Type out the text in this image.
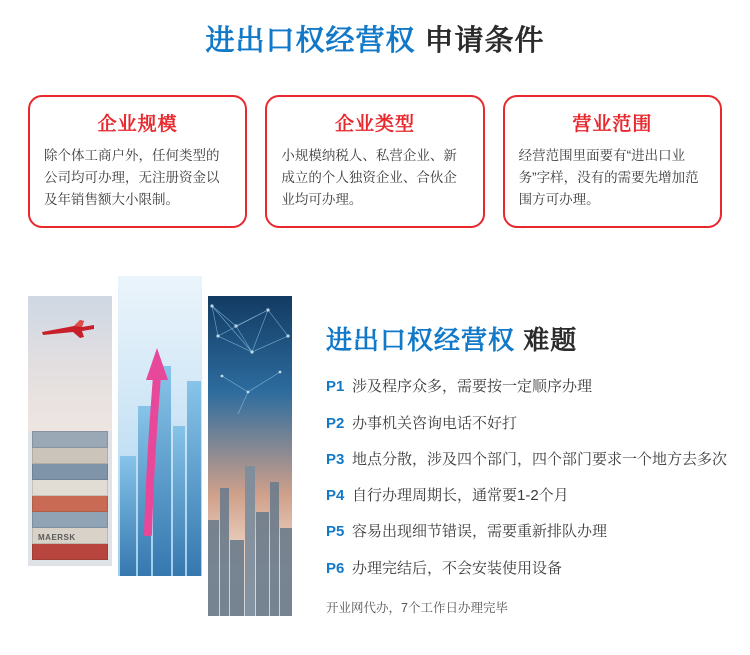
进出口权经营权 申请条件
企业规模
除个体工商户外，任何类型的公司均可办理，无注册资金以及年销售额大小限制。
企业类型
小规模纳税人、私营企业、新成立的个人独资企业、合伙企业均可办理。
营业范围
经营范围里面要有“进出口业务”字样，没有的需要先增加范围方可办理。
MAERSK
进出口权经营权 难题
P1 涉及程序众多，需要按一定顺序办理
P2 办事机关咨询电话不好打
P3 地点分散，涉及四个部门，四个部门要求一个地方去多次
P4 自行办理周期长，通常要1-2个月
P5 容易出现细节错误，需要重新排队办理
P6 办理完结后，不会安装使用设备
开业网代办，7个工作日办理完毕
